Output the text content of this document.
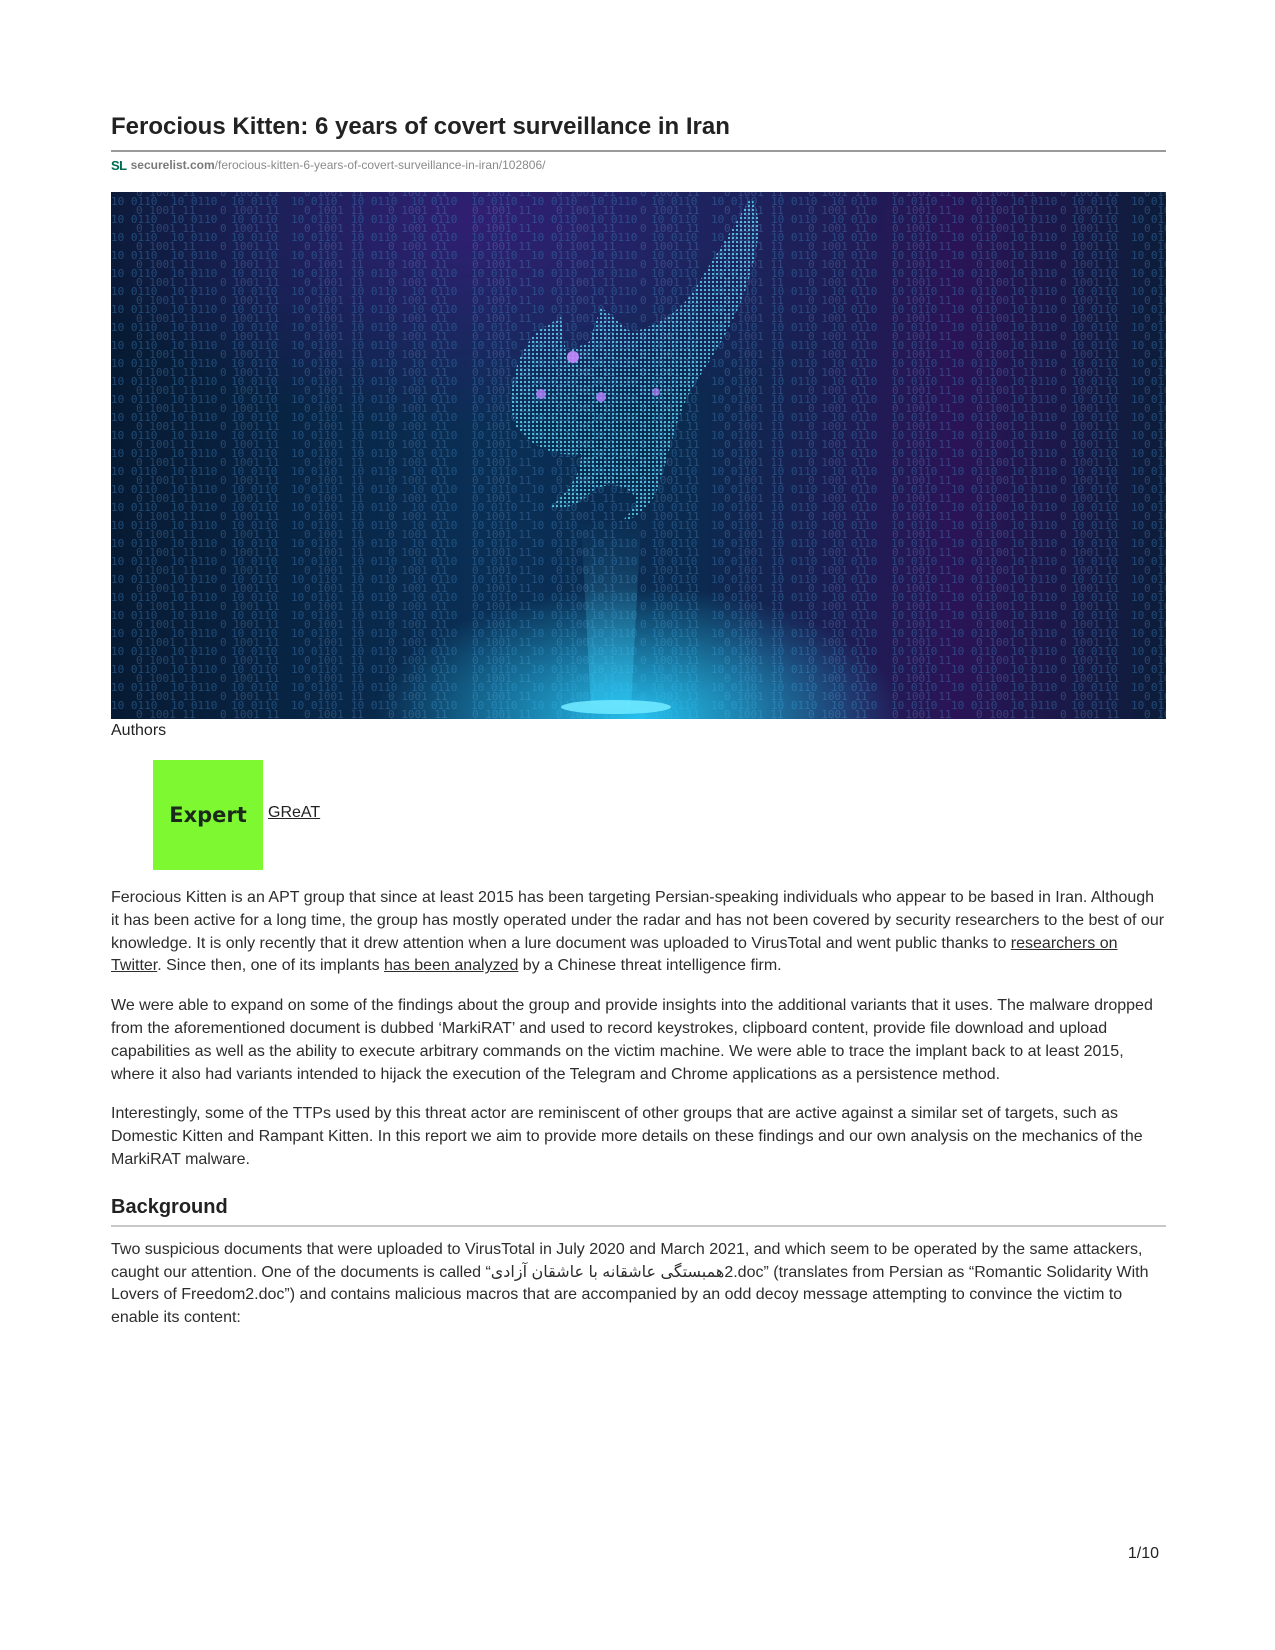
Ferocious Kitten: 6 years of covert surveillance in Iran
SL securelist.com /ferocious-kitten-6-years-of-covert-surveillance-in-iran/102806/
Authors
Expert GReAT

Ferocious Kitten is an APT group that since at least 2015 has been targeting Persian-speaking individuals who appear to be based in Iran. Although it has been active for a long time, the group has mostly operated under the radar and has not been covered by security researchers to the best of our knowledge. It is only recently that it drew attention when a lure document was uploaded to VirusTotal and went public thanks to researchers on Twitter. Since then, one of its implants has been analyzed by a Chinese threat intelligence firm.

We were able to expand on some of the findings about the group and provide insights into the additional variants that it uses. The malware dropped from the aforementioned document is dubbed ‘MarkiRAT’ and used to record keystrokes, clipboard content, provide file download and upload capabilities as well as the ability to execute arbitrary commands on the victim machine. We were able to trace the implant back to at least 2015, where it also had variants intended to hijack the execution of the Telegram and Chrome applications as a persistence method.

Interestingly, some of the TTPs used by this threat actor are reminiscent of other groups that are active against a similar set of targets, such as Domestic Kitten and Rampant Kitten. In this report we aim to provide more details on these findings and our own analysis on the mechanics of the MarkiRAT malware.

Background

Two suspicious documents that were uploaded to VirusTotal in July 2020 and March 2021, and which seem to be operated by the same attackers, caught our attention. One of the documents is called “2همبستگی عاشقانه با عاشقان آزادی.doc” (translates from Persian as “Romantic Solidarity With Lovers of Freedom2.doc”) and contains malicious macros that are accompanied by an odd decoy message attempting to convince the victim to enable its content:

1/10
